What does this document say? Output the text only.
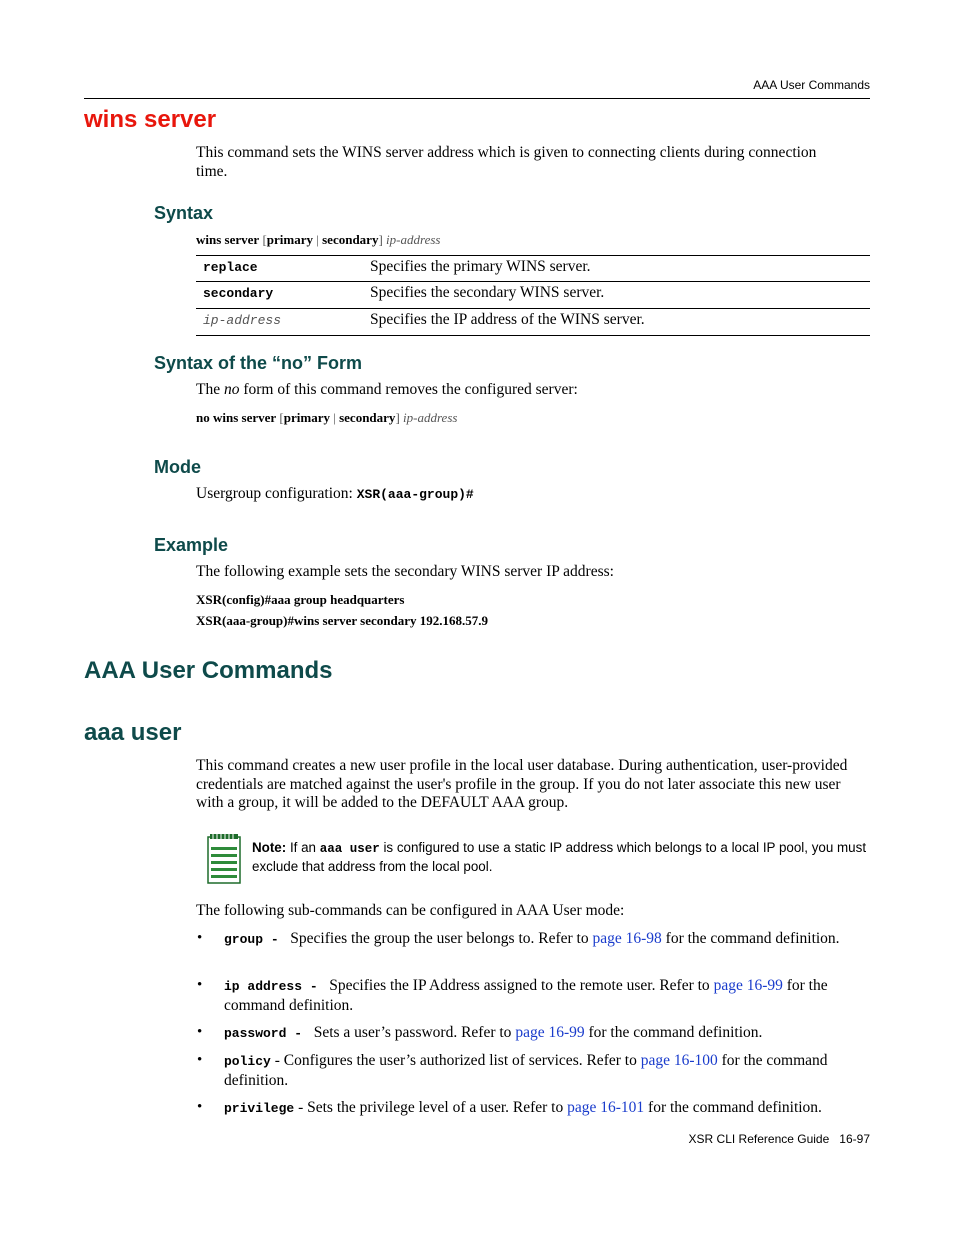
AAA User Commands
wins server
This command sets the WINS server address which is given to connecting clients during connection time.
Syntax
wins server [primary | secondary] ip-address
replace	Specifies the primary WINS server.
secondary	Specifies the secondary WINS server.
ip-address	Specifies the IP address of the WINS server.
Syntax of the “no” Form
The no form of this command removes the configured server:
no wins server [primary | secondary] ip-address
Mode
Usergroup configuration: XSR(aaa-group)#
Example
The following example sets the secondary WINS server IP address:
XSR(config)#aaa group headquarters
XSR(aaa-group)#wins server secondary 192.168.57.9
AAA User Commands
aaa user
This command creates a new user profile in the local user database. During authentication, user-provided credentials are matched against the user's profile in the group. If you do not later associate this new user with a group, it will be added to the DEFAULT AAA group.
Note: If an aaa user is configured to use a static IP address which belongs to a local IP pool, you must exclude that address from the local pool.
The following sub-commands can be configured in AAA User mode:
• group -  Specifies the group the user belongs to. Refer to page 16-98 for the command definition.
• ip address -  Specifies the IP Address assigned to the remote user. Refer to page 16-99 for the command definition.
• password -  Sets a user’s password. Refer to page 16-99 for the command definition.
• policy - Configures the user’s authorized list of services. Refer to page 16-100 for the command definition.
• privilege - Sets the privilege level of a user. Refer to page 16-101 for the command definition.
XSR CLI Reference Guide 16-97
